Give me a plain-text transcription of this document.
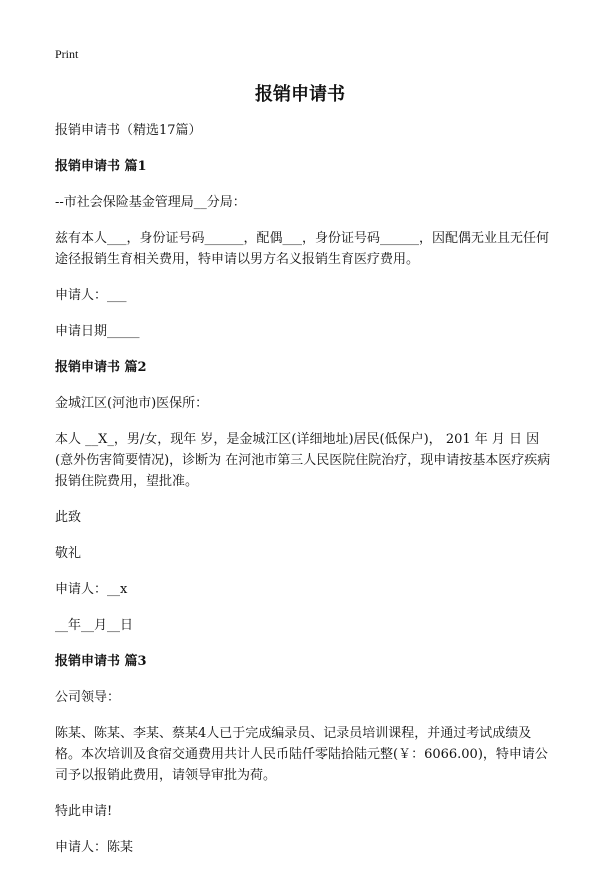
Print
报销申请书

报销申请书（精选17篇）

报销申请书 篇1

--市社会保险基金管理局__分局：

兹有本人___，身份证号码______，配偶___，身份证号码______，因配偶无业且无任何途径报销生育相关费用，特申请以男方名义报销生育医疗费用。

申请人：___

申请日期_____

报销申请书 篇2

金城江区(河池市)医保所：

本人 __X_，男/女，现年 岁，是金城江区(详细地址)居民(低保户)， 201 年 月 日 因(意外伤害简要情况)，诊断为 在河池市第三人民医院住院治疗，现申请按基本医疗疾病报销住院费用，望批准。

此致

敬礼

申请人：__x

__年__月__日

报销申请书 篇3

公司领导：

陈某、陈某、李某、蔡某4人已于完成编录员、记录员培训课程，并通过考试成绩及格。本次培训及食宿交通费用共计人民币陆仟零陆拾陆元整(￥：6066.00)，特申请公司予以报销此费用，请领导审批为荷。

特此申请!

申请人：陈某
